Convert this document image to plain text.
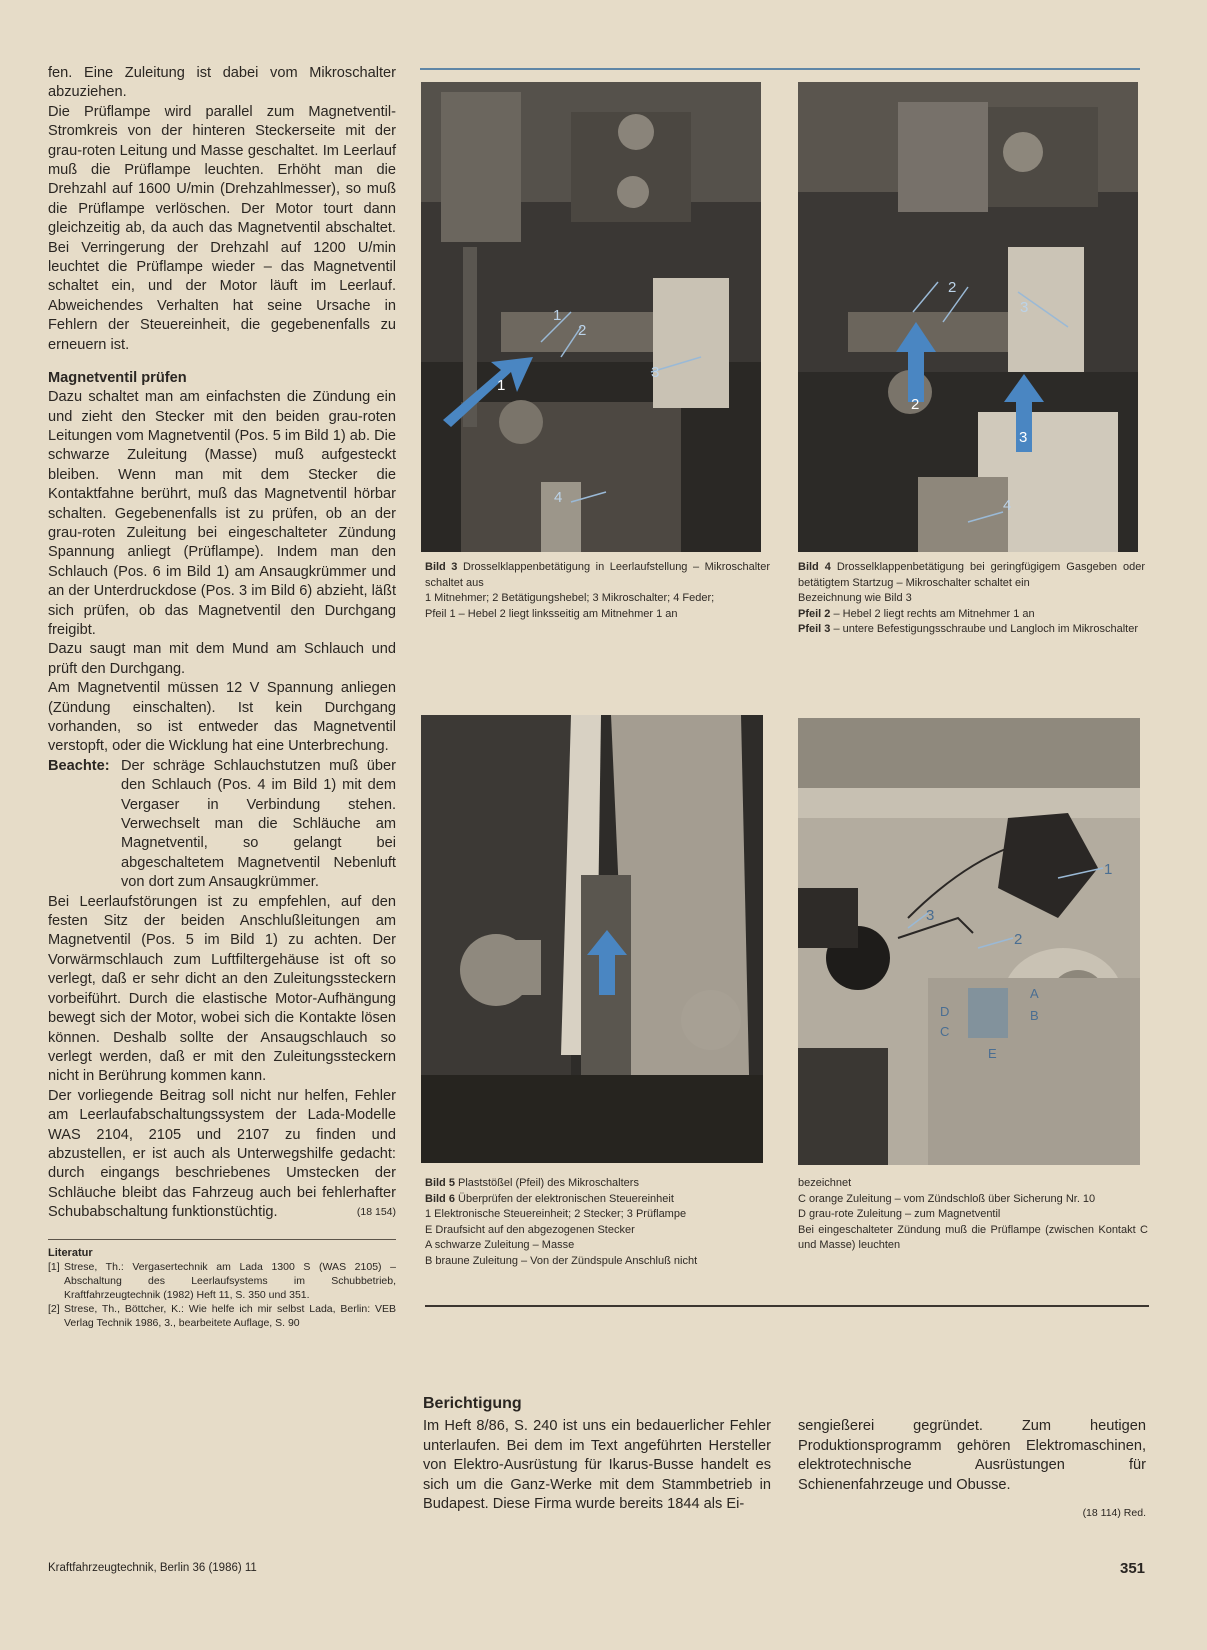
fen. Eine Zuleitung ist dabei vom Mikroschalter abzuziehen.

Die Prüflampe wird parallel zum Magnetventil-Stromkreis von der hinteren Steckerseite mit der grau-roten Leitung und Masse geschaltet. Im Leerlauf muß die Prüflampe leuchten. Erhöht man die Drehzahl auf 1600 U/min (Drehzahlmesser), so muß die Prüflampe verlöschen. Der Motor tourt dann gleichzeitig ab, da auch das Magnetventil abschaltet. Bei Verringerung der Drehzahl auf 1200 U/min leuchtet die Prüflampe wieder – das Magnetventil schaltet ein, und der Motor läuft im Leerlauf. Abweichendes Verhalten hat seine Ursache in Fehlern der Steuereinheit, die gegebenenfalls zu erneuern ist.

Magnetventil prüfen

Dazu schaltet man am einfachsten die Zündung ein und zieht den Stecker mit den beiden grau-roten Leitungen vom Magnetventil (Pos. 5 im Bild 1) ab. Die schwarze Zuleitung (Masse) muß aufgesteckt bleiben. Wenn man mit dem Stecker die Kontaktfahne berührt, muß das Magnetventil hörbar schalten. Gegebenenfalls ist zu prüfen, ob an der grau-roten Zuleitung bei eingeschalteter Zündung Spannung anliegt (Prüflampe). Indem man den Schlauch (Pos. 6 im Bild 1) am Ansaugkrümmer und an der Unterdruckdose (Pos. 3 im Bild 6) abzieht, läßt sich prüfen, ob das Magnetventil den Durchgang freigibt.

Dazu saugt man mit dem Mund am Schlauch und prüft den Durchgang.

Am Magnetventil müssen 12 V Spannung anliegen (Zündung einschalten). Ist kein Durchgang vorhanden, so ist entweder das Magnetventil verstopft, oder die Wicklung hat eine Unterbrechung.

Beachte: Der schräge Schlauchstutzen muß über den Schlauch (Pos. 4 im Bild 1) mit dem Vergaser in Verbindung stehen. Verwechselt man die Schläuche am Magnetventil, so gelangt bei abgeschaltetem Magnetventil Nebenluft von dort zum Ansaugkrümmer.

Bei Leerlaufstörungen ist zu empfehlen, auf den festen Sitz der beiden Anschlußleitungen am Magnetventil (Pos. 5 im Bild 1) zu achten. Der Vorwärmschlauch zum Luftfiltergehäuse ist oft so verlegt, daß er sehr dicht an den Zuleitungssteckern vorbeiführt. Durch die elastische Motor-Aufhängung bewegt sich der Motor, wobei sich die Kontakte lösen können. Deshalb sollte der Ansaugschlauch so verlegt werden, daß er mit den Zuleitungssteckern nicht in Berührung kommen kann.

Der vorliegende Beitrag soll nicht nur helfen, Fehler am Leerlaufabschaltungssystem der Lada-Modelle WAS 2104, 2105 und 2107 zu finden und abzustellen, er ist auch als Unterwegshilfe gedacht: durch eingangs beschriebenes Umstecken der Schläuche bleibt das Fahrzeug auch bei fehlerhafter Schubabschaltung funktionstüchtig.	(18 154)

Literatur
[1] Strese, Th.: Vergasertechnik am Lada 1300 S (WAS 2105) – Abschaltung des Leerlaufsystems im Schubbetrieb, Kraftfahrzeugtechnik (1982) Heft 11, S. 350 und 351.
[2] Strese, Th., Böttcher, K.: Wie helfe ich mir selbst Lada, Berlin: VEB Verlag Technik 1986, 3., bearbeitete Auflage, S. 90
1
2
3
4
1
2
3
2
3
4

Bild 3 Drosselklappenbetätigung in Leerlaufstellung – Mikroschalter schaltet aus

1 Mitnehmer; 2 Betätigungshebel; 3 Mikroschalter; 4 Feder;

Pfeil 1 – Hebel 2 liegt linksseitig am Mitnehmer 1 an

Bild 4 Drosselklappenbetätigung bei geringfügigem Gasgeben oder betätigtem Startzug – Mikroschalter schaltet ein

Bezeichnung wie Bild 3

Pfeil 2 – Hebel 2 liegt rechts am Mitnehmer 1 an

Pfeil 3 – untere Befestigungsschraube und Langloch im Mikroschalter

1
2
3
A
B
C
D
E

Bild 5 Plaststößel (Pfeil) des Mikroschalters

Bild 6 Überprüfen der elektronischen Steuereinheit

1 Elektronische Steuereinheit; 2 Stecker; 3 Prüflampe

E Draufsicht auf den abgezogenen Stecker

A schwarze Zuleitung – Masse

B braune Zuleitung – Von der Zündspule Anschluß nicht

bezeichnet

C orange Zuleitung – vom Zündschloß über Sicherung Nr. 10

D grau-rote Zuleitung – zum Magnetventil

Bei eingeschalteter Zündung muß die Prüflampe (zwischen Kontakt C und Masse) leuchten

Berichtigung

Im Heft 8/86, S. 240 ist uns ein bedauerlicher Fehler unterlaufen. Bei dem im Text angeführten Hersteller von Elektro-Ausrüstung für Ikarus-Busse handelt es sich um die Ganz-Werke mit dem Stammbetrieb in Budapest. Diese Firma wurde bereits 1844 als Ei-

sengießerei gegründet. Zum heutigen Produktionsprogramm gehören Elektromaschinen, elektrotechnische Ausrüstungen für Schienenfahrzeuge und Obusse.

(18 114) Red.

Kraftfahrzeugtechnik, Berlin 36 (1986) 11	351
